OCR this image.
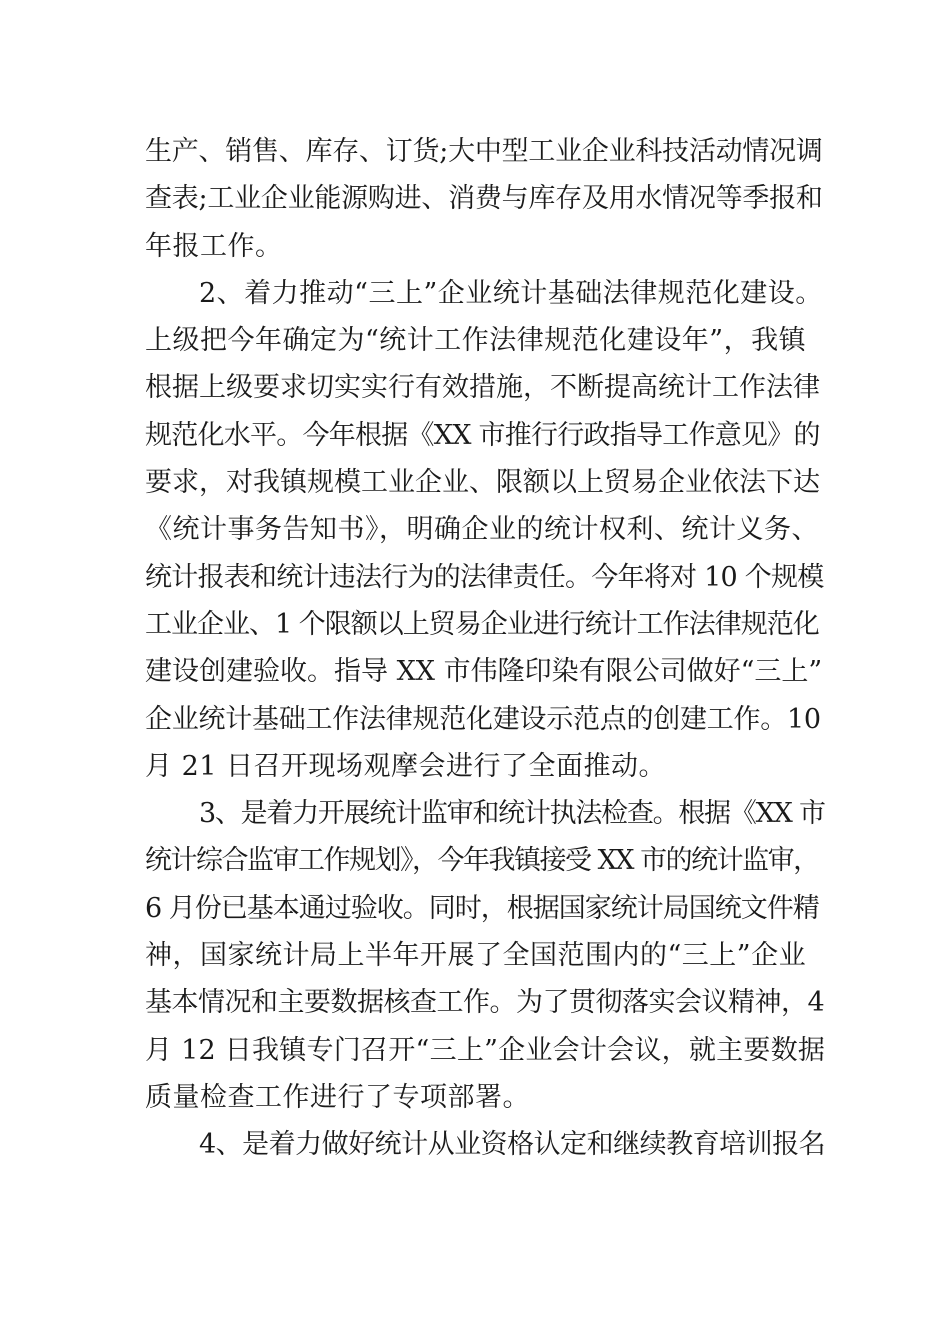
生产、销售、库存、订货;大中型工业企业科技活动情况调
查表;工业企业能源购进、消费与库存及用水情况等季报和
年报工作。
2、着力推动“三上”企业统计基础法律规范化建设。
上级把今年确定为“统计工作法律规范化建设年”，我镇
根据上级要求切实实行有效措施，不断提高统计工作法律
规范化水平。今年根据《XX 市推行行政指导工作意见》的
要求，对我镇规模工业企业、限额以上贸易企业依法下达
《统计事务告知书》，明确企业的统计权利、统计义务、
统计报表和统计违法行为的法律责任。今年将对 10 个规模
工业企业、1 个限额以上贸易企业进行统计工作法律规范化
建设创建验收。指导 XX 市伟隆印染有限公司做好“三上”
企业统计基础工作法律规范化建设示范点的创建工作。10
月 21 日召开现场观摩会进行了全面推动。
3、是着力开展统计监审和统计执法检查。根据《XX 市
统计综合监审工作规划》，今年我镇接受 XX 市的统计监审，
6 月份已基本通过验收。同时，根据国家统计局国统文件精
神，国家统计局上半年开展了全国范围内的“三上”企业
基本情况和主要数据核查工作。为了贯彻落实会议精神，4
月 12 日我镇专门召开“三上”企业会计会议，就主要数据
质量检查工作进行了专项部署。
4、是着力做好统计从业资格认定和继续教育培训报名
